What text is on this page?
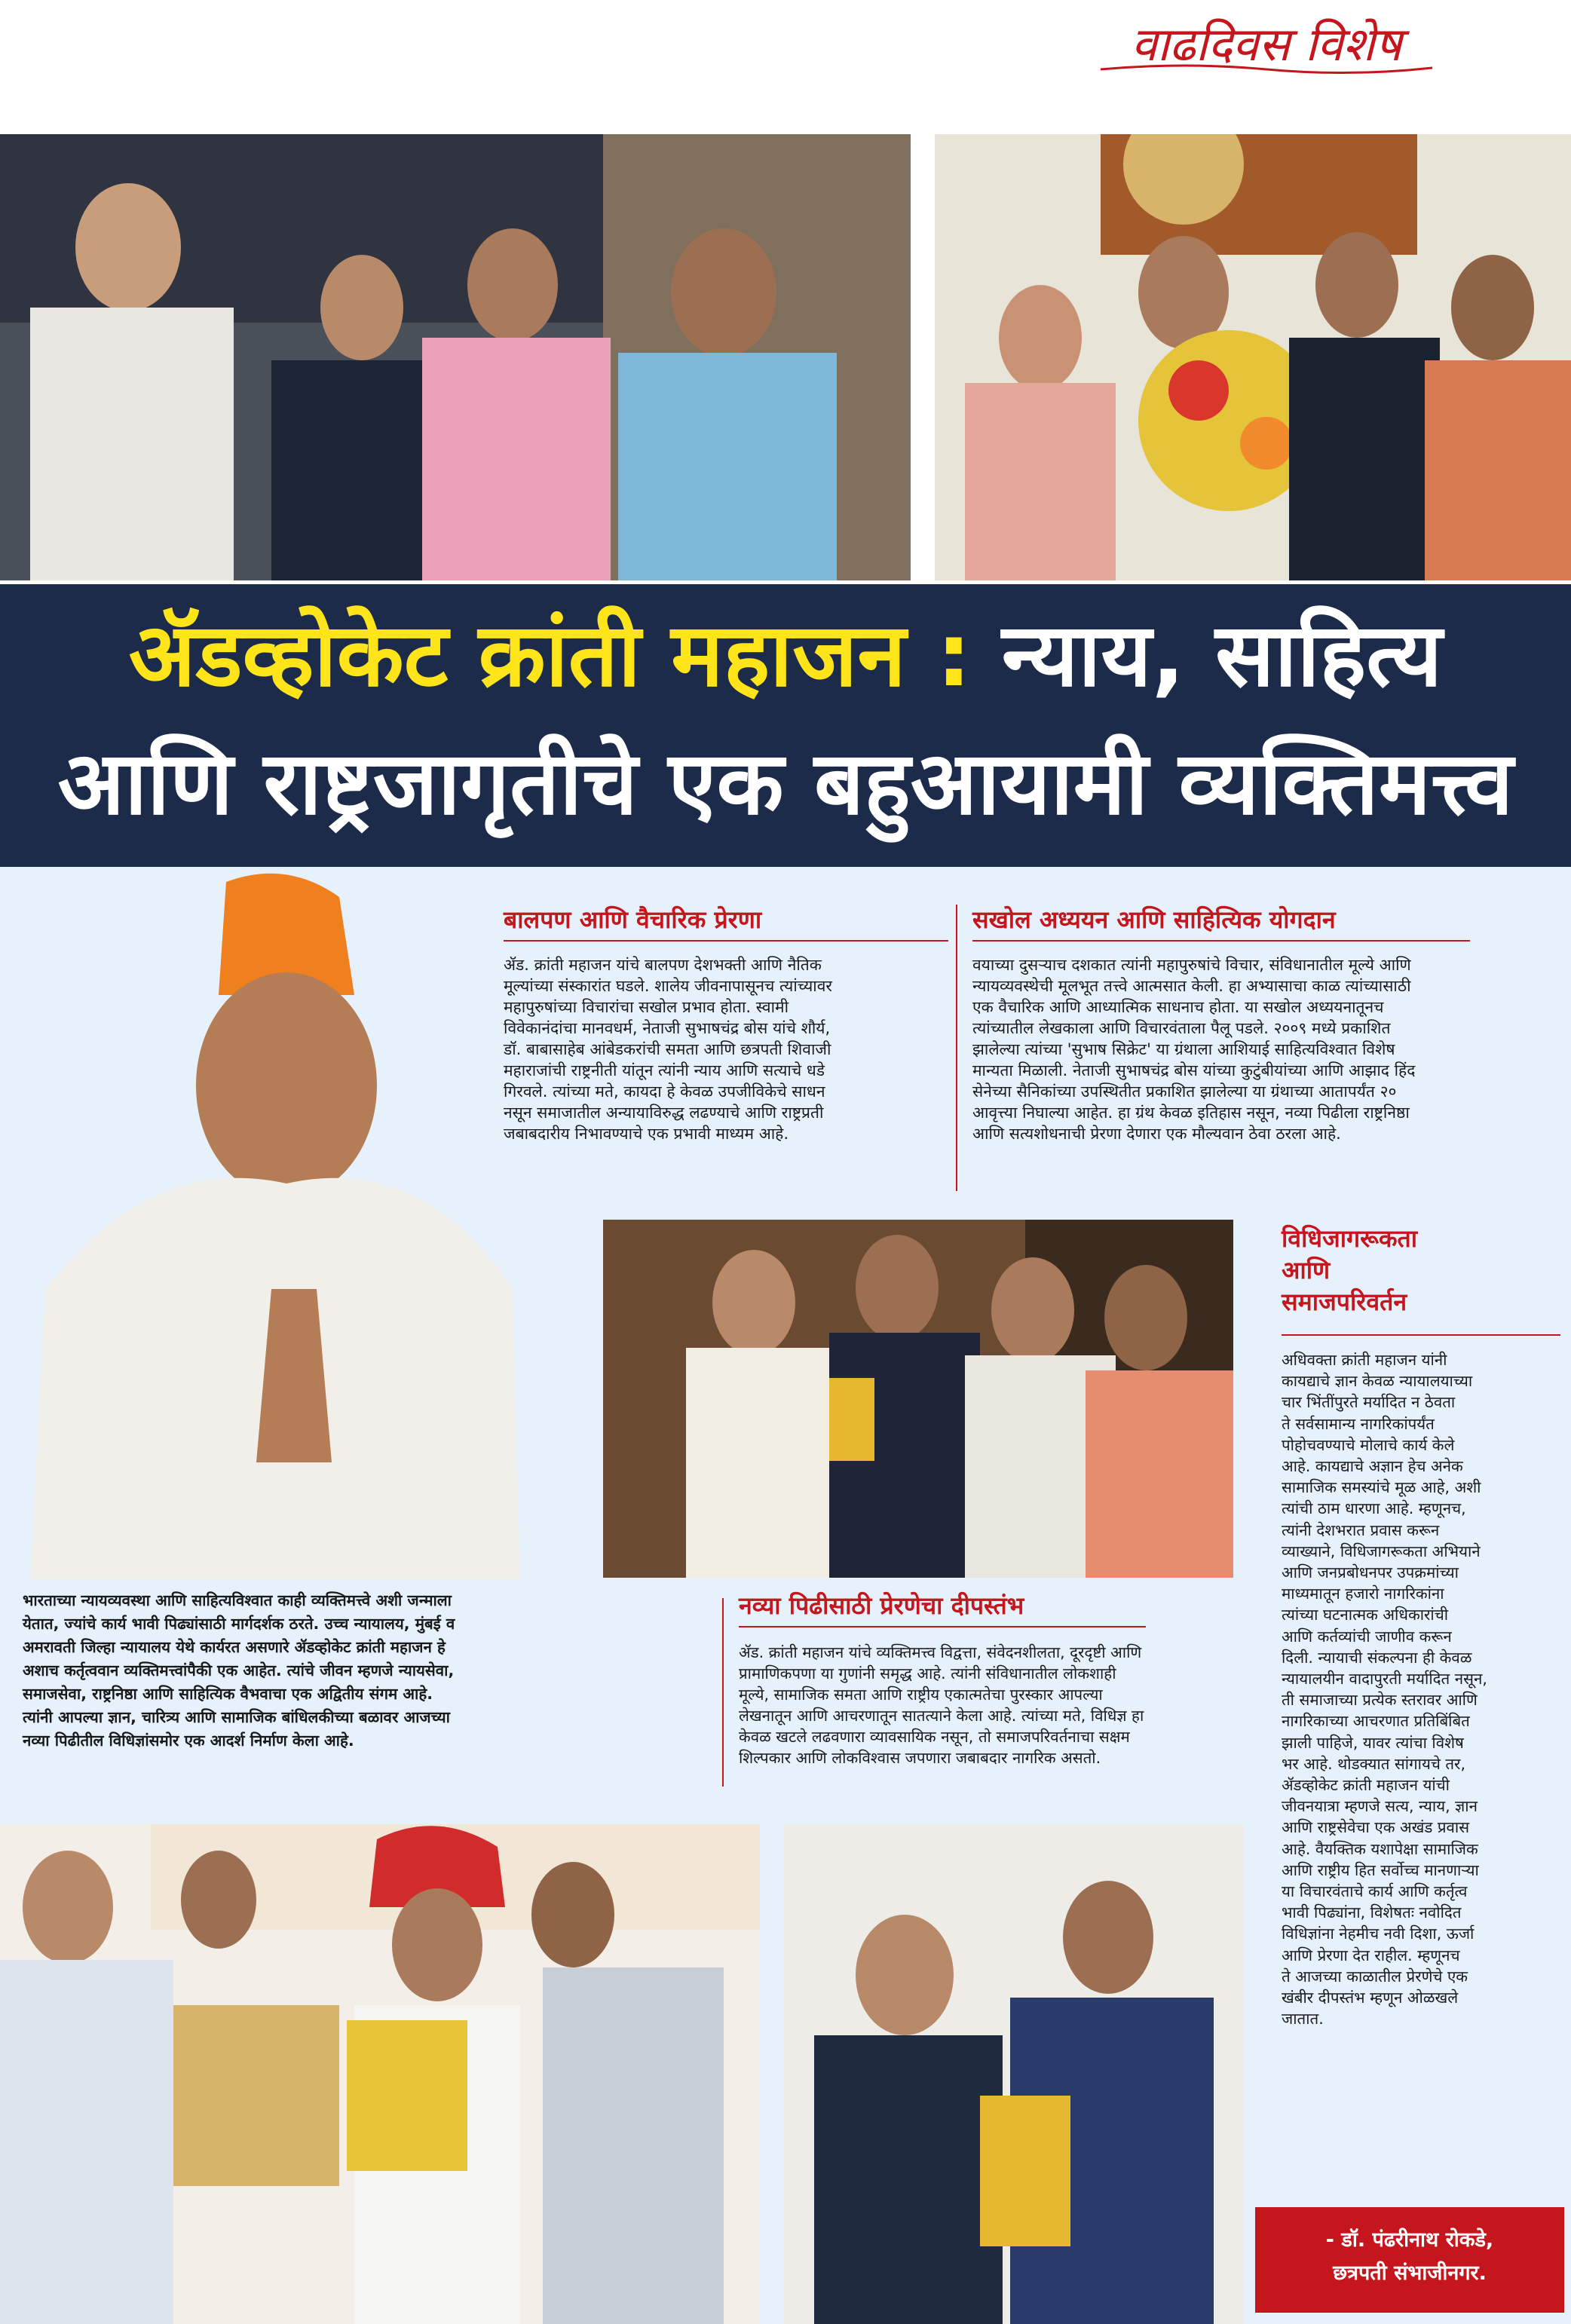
वाढदिवस विशेष
ॲडव्होकेट क्रांती महाजन : न्याय, साहित्य
आणि राष्ट्रजागृतीचे एक बहुआयामी व्यक्तिमत्त्व
बालपण आणि वैचारिक प्रेरणा

ॲड. क्रांती महाजन यांचे बालपण देशभक्ती आणि नैतिक

मूल्यांच्या संस्कारांत घडले. शालेय जीवनापासूनच त्यांच्यावर

महापुरुषांच्या विचारांचा सखोल प्रभाव होता. स्वामी

विवेकानंदांचा मानवधर्म, नेताजी सुभाषचंद्र बोस यांचे शौर्य,

डॉ. बाबासाहेब आंबेडकरांची समता आणि छत्रपती शिवाजी

महाराजांची राष्ट्रनीती यांतून त्यांनी न्याय आणि सत्याचे धडे

गिरवले. त्यांच्या मते, कायदा हे केवळ उपजीविकेचे साधन

नसून समाजातील अन्यायाविरुद्ध लढण्याचे आणि राष्ट्रप्रती

जबाबदारीय निभावण्याचे एक प्रभावी माध्यम आहे.

सखोल अध्ययन आणि साहित्यिक योगदान

वयाच्या दुसऱ्याच दशकात त्यांनी महापुरुषांचे विचार, संविधानातील मूल्ये आणि

न्यायव्यवस्थेची मूलभूत तत्त्वे आत्मसात केली. हा अभ्यासाचा काळ त्यांच्यासाठी

एक वैचारिक आणि आध्यात्मिक साधनाच होता. या सखोल अध्ययनातूनच

त्यांच्यातील लेखकाला आणि विचारवंताला पैलू पडले. २००९ मध्ये प्रकाशित

झालेल्या त्यांच्या 'सुभाष सिक्रेट' या ग्रंथाला आशियाई साहित्यविश्वात विशेष

मान्यता मिळाली. नेताजी सुभाषचंद्र बोस यांच्या कुटुंबीयांच्या आणि आझाद हिंद

सेनेच्या सैनिकांच्या उपस्थितीत प्रकाशित झालेल्या या ग्रंथाच्या आतापर्यंत २०

आवृत्त्या निघाल्या आहेत. हा ग्रंथ केवळ इतिहास नसून, नव्या पिढीला राष्ट्रनिष्ठा

आणि सत्यशोधनाची प्रेरणा देणारा एक मौल्यवान ठेवा ठरला आहे.

विधिजागरूकता
आणि
समाजपरिवर्तन

अधिवक्ता क्रांती महाजन यांनी

कायद्याचे ज्ञान केवळ न्यायालयाच्या

चार भिंतींपुरते मर्यादित न ठेवता

ते सर्वसामान्य नागरिकांपर्यंत

पोहोचवण्याचे मोलाचे कार्य केले

आहे. कायद्याचे अज्ञान हेच अनेक

सामाजिक समस्यांचे मूळ आहे, अशी

त्यांची ठाम धारणा आहे. म्हणूनच,

त्यांनी देशभरात प्रवास करून

व्याख्याने, विधिजागरूकता अभियाने

आणि जनप्रबोधनपर उपक्रमांच्या

माध्यमातून हजारो नागरिकांना

त्यांच्या घटनात्मक अधिकारांची

आणि कर्तव्यांची जाणीव करून

दिली. न्यायाची संकल्पना ही केवळ

न्यायालयीन वादापुरती मर्यादित नसून,

ती समाजाच्या प्रत्येक स्तरावर आणि

नागरिकाच्या आचरणात प्रतिबिंबित

झाली पाहिजे, यावर त्यांचा विशेष

भर आहे. थोडक्यात सांगायचे तर,

ॲडव्होकेट क्रांती महाजन यांची

जीवनयात्रा म्हणजे सत्य, न्याय, ज्ञान

आणि राष्ट्रसेवेचा एक अखंड प्रवास

आहे. वैयक्तिक यशापेक्षा सामाजिक

आणि राष्ट्रीय हित सर्वोच्च मानणाऱ्या

या विचारवंताचे कार्य आणि कर्तृत्व

भावी पिढ्यांना, विशेषतः नवोदित

विधिज्ञांना नेहमीच नवी दिशा, ऊर्जा

आणि प्रेरणा देत राहील. म्हणूनच

ते आजच्या काळातील प्रेरणेचे एक

खंबीर दीपस्तंभ म्हणून ओळखले

जातात.

भारताच्या न्यायव्यवस्था आणि साहित्यविश्वात काही व्यक्तिमत्त्वे अशी जन्माला

येतात, ज्यांचे कार्य भावी पिढ्यांसाठी मार्गदर्शक ठरते. उच्च न्यायालय, मुंबई व

अमरावती जिल्हा न्यायालय येथे कार्यरत असणारे ॲडव्होकेट क्रांती महाजन हे

अशाच कर्तृत्ववान व्यक्तिमत्त्वांपैकी एक आहेत. त्यांचे जीवन म्हणजे न्यायसेवा,

समाजसेवा, राष्ट्रनिष्ठा आणि साहित्यिक वैभवाचा एक अद्वितीय संगम आहे.

त्यांनी आपल्या ज्ञान, चारित्र्य आणि सामाजिक बांधिलकीच्या बळावर आजच्या

नव्या पिढीतील विधिज्ञांसमोर एक आदर्श निर्माण केला आहे.

नव्या पिढीसाठी प्रेरणेचा दीपस्तंभ

ॲड. क्रांती महाजन यांचे व्यक्तिमत्त्व विद्वत्ता, संवेदनशीलता, दूरदृष्टी आणि

प्रामाणिकपणा या गुणांनी समृद्ध आहे. त्यांनी संविधानातील लोकशाही

मूल्ये, सामाजिक समता आणि राष्ट्रीय एकात्मतेचा पुरस्कार आपल्या

लेखनातून आणि आचरणातून सातत्याने केला आहे. त्यांच्या मते, विधिज्ञ हा

केवळ खटले लढवणारा व्यावसायिक नसून, तो समाजपरिवर्तनाचा सक्षम

शिल्पकार आणि लोकविश्वास जपणारा जबाबदार नागरिक असतो.

- डॉ. पंढरीनाथ रोकडे,
छत्रपती संभाजीनगर.
